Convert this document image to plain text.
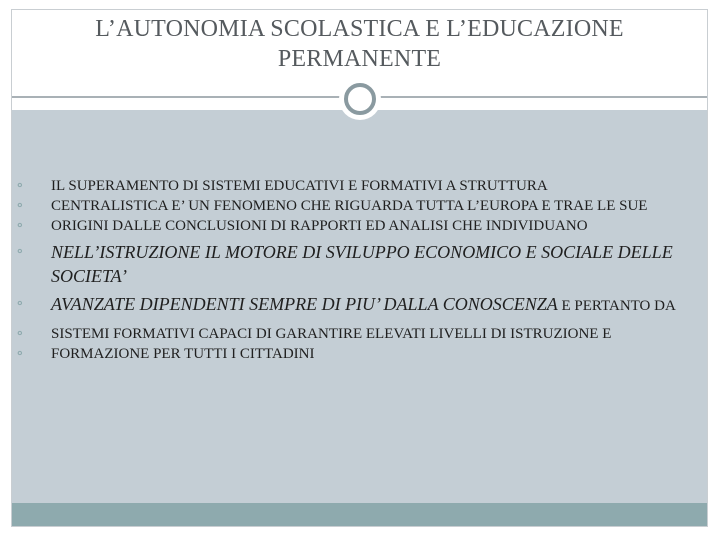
L’AUTONOMIA SCOLASTICA E L’EDUCAZIONE PERMANENTE
∘ IL SUPERAMENTO DI SISTEMI EDUCATIVI E FORMATIVI A STRUTTURA
∘ CENTRALISTICA E’ UN FENOMENO CHE RIGUARDA TUTTA L’EUROPA E TRAE LE SUE
∘ ORIGINI DALLE CONCLUSIONI DI RAPPORTI ED ANALISI CHE INDIVIDUANO
∘ NELL’ISTRUZIONE IL MOTORE DI SVILUPPO ECONOMICO E SOCIALE DELLE SOCIETA’
∘ AVANZATE DIPENDENTI SEMPRE DI PIU’ DALLA CONOSCENZA E PERTANTO DA
∘ SISTEMI FORMATIVI CAPACI DI GARANTIRE ELEVATI LIVELLI DI ISTRUZIONE E
∘ FORMAZIONE PER TUTTI I CITTADINI
